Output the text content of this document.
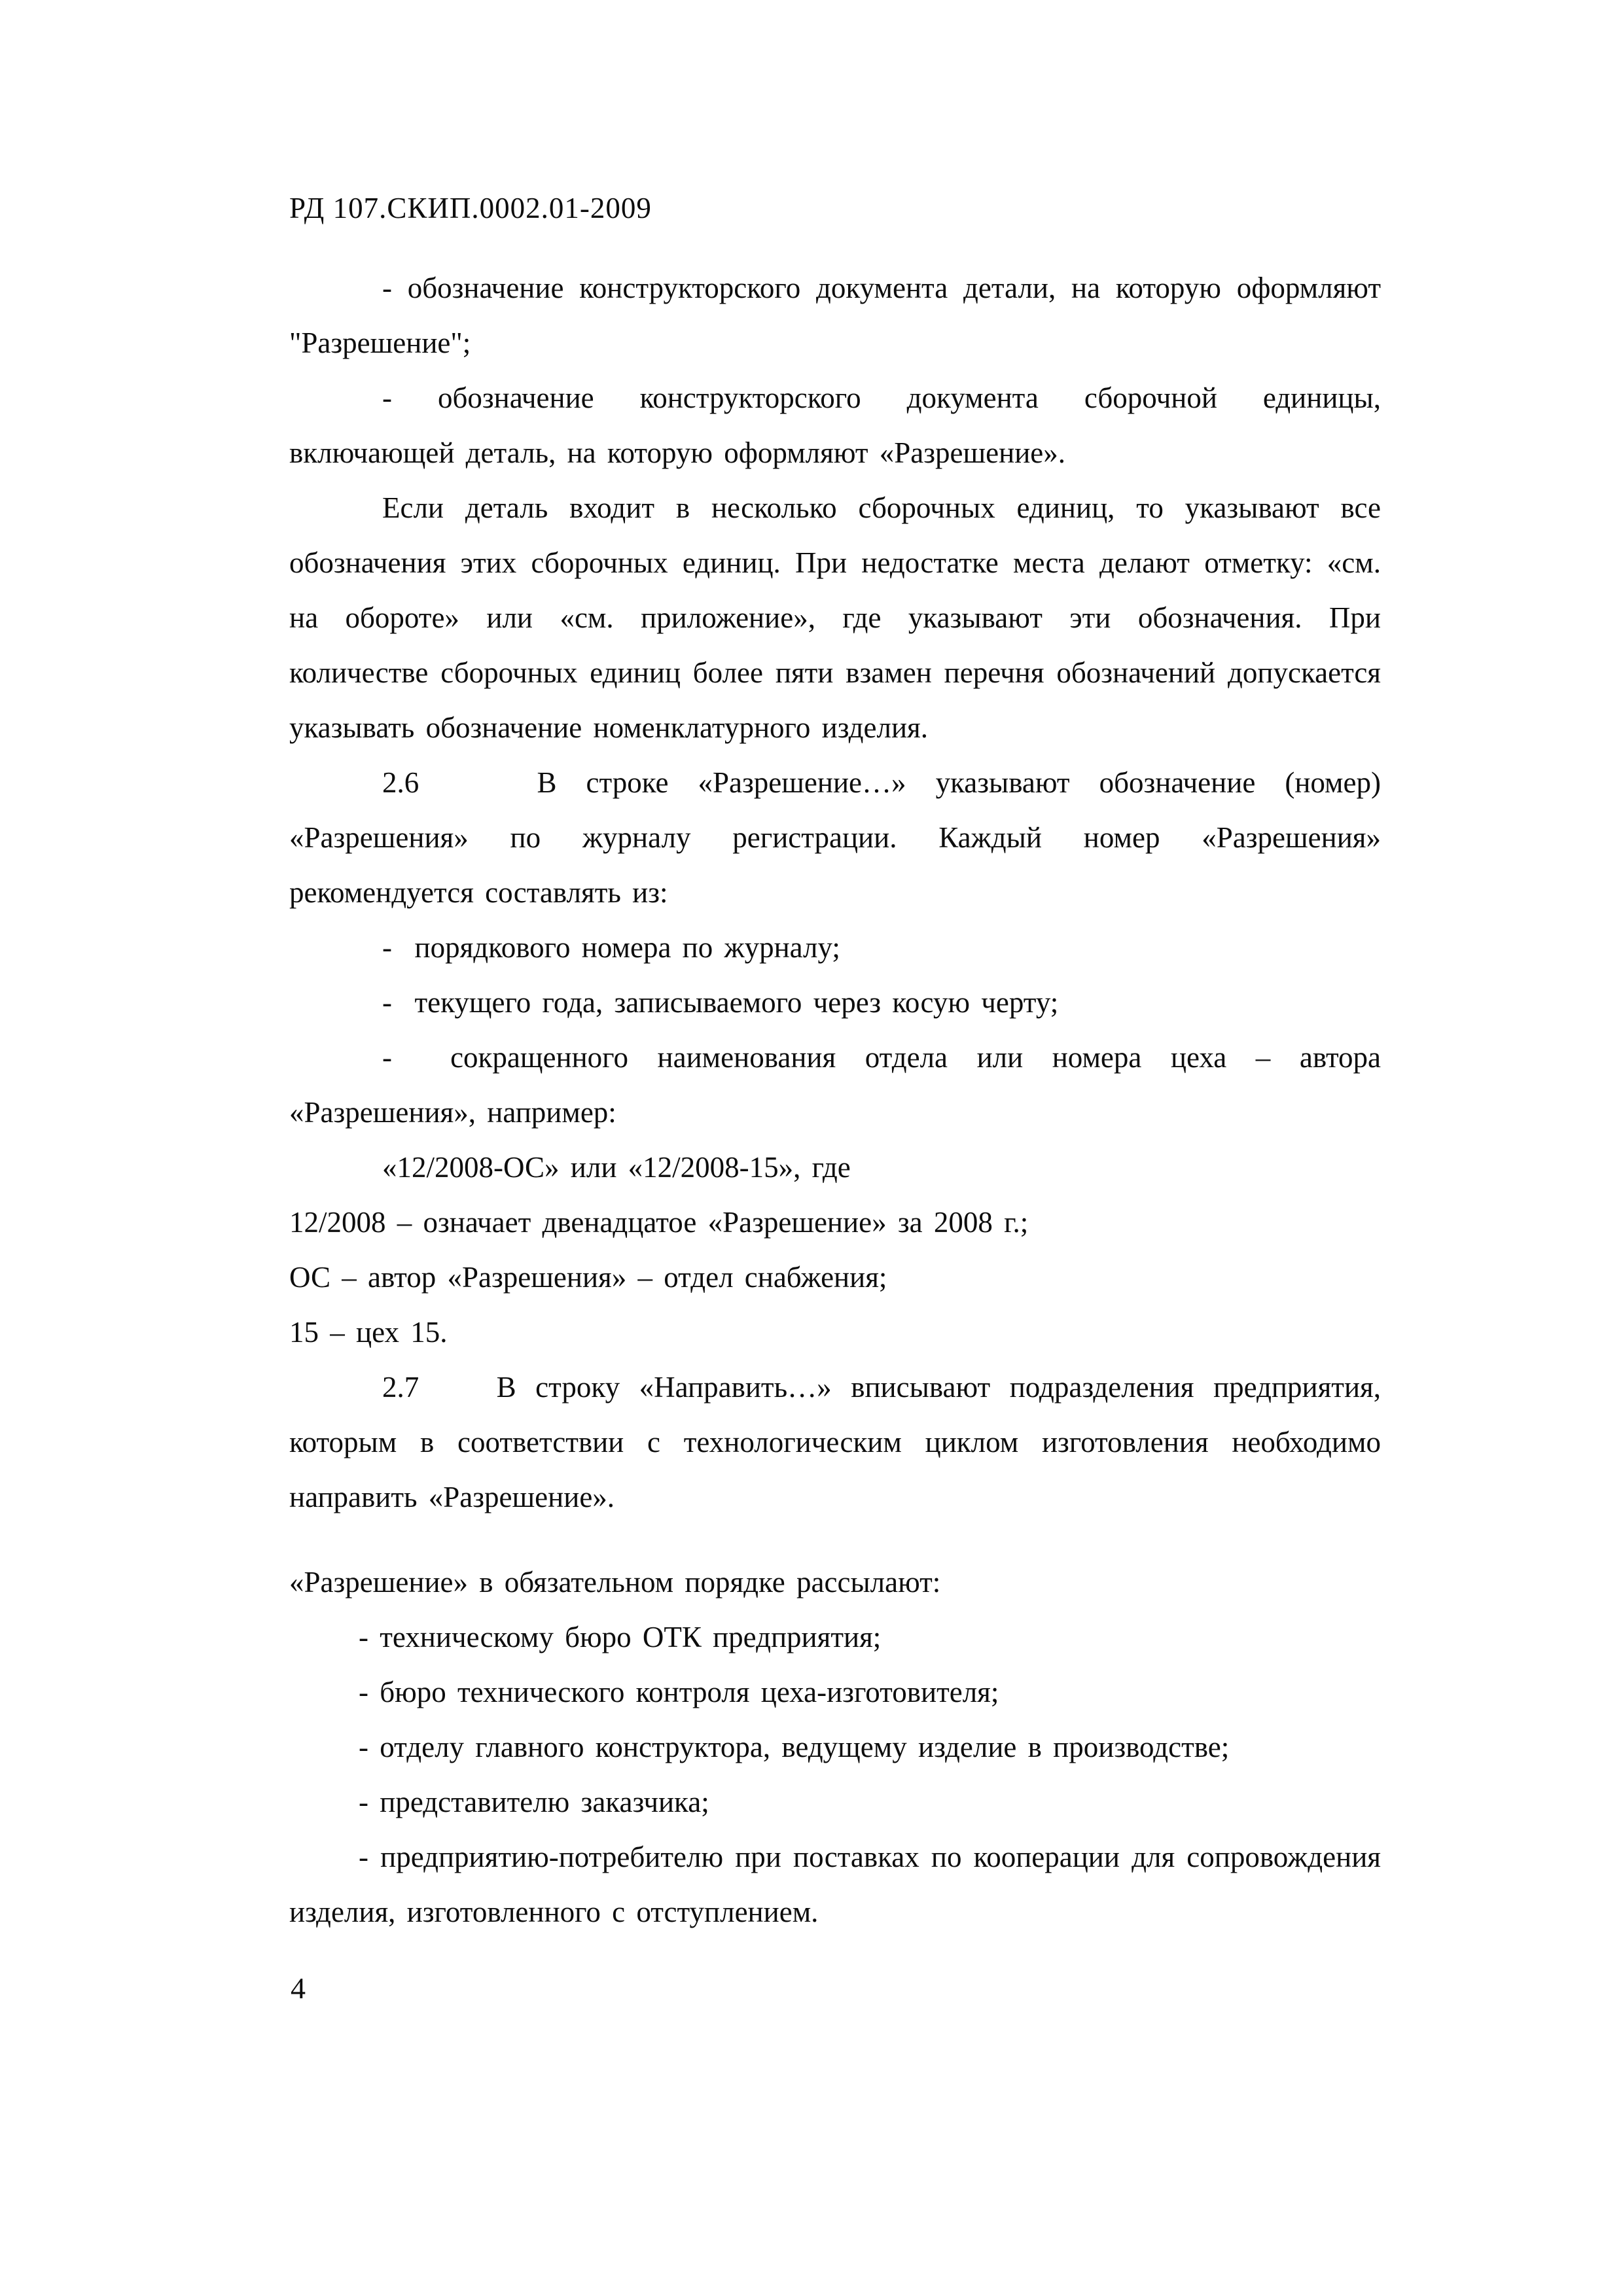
РД 107.СКИП.0002.01-2009

- обозначение конструкторского документа детали, на которую оформляют "Разрешение";

- обозначение конструкторского документа сборочной единицы, включающей деталь, на которую оформляют «Разрешение».

Если деталь входит в несколько сборочных единиц, то указывают все обозначения этих сборочных единиц. При недостатке места делают отметку: «см. на обороте» или «см. приложение», где указывают эти обозначения. При количестве сборочных единиц более пяти взамен перечня обозначений допускается указывать обозначение номенклатурного изделия.

2.6    В строке «Разрешение…» указывают обозначение (номер) «Разрешения» по журналу регистрации. Каждый номер «Разрешения» рекомендуется составлять из:

-  порядкового номера по журналу;

-  текущего года, записываемого через косую черту;

-  сокращенного наименования отдела или номера цеха – автора «Разрешения», например:

«12/2008-ОС» или «12/2008-15», где

12/2008 – означает двенадцатое «Разрешение» за 2008 г.;

ОС – автор «Разрешения» – отдел снабжения;

15 – цех 15.

2.7    В строку «Направить…» вписывают подразделения предприятия, которым в соответствии с технологическим циклом изготовления необходимо направить «Разрешение».

«Разрешение» в обязательном порядке рассылают:

- техническому бюро ОТК предприятия;

- бюро технического контроля цеха-изготовителя;

- отделу главного конструктора, ведущему изделие в производстве;

- представителю заказчика;

- предприятию-потребителю при поставках по кооперации для сопровождения изделия, изготовленного с отступлением.

4
